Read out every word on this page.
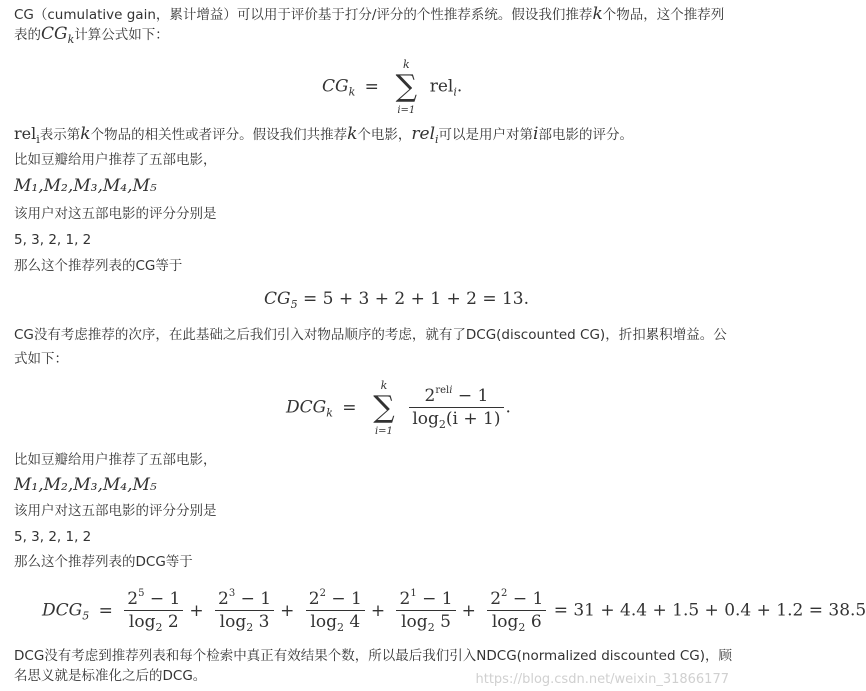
CG（cumulative gain，累计增益）可以用于评价基于打分/评分的个性推荐系统。假设我们推荐k个物品，这个推荐列
表的$CG_k$计算公式如下：
$CG_k$ =
k
∑
i=1
rel$_i$.
rel$_i$表示第k个物品的相关性或者评分。假设我们共推荐k个电影，rel$_i$可以是用户对第i部电影的评分。
比如豆瓣给用户推荐了五部电影，
M₁,M₂,M₃,M₄,M₅
该用户对这五部电影的评分分别是
5, 3, 2, 1, 2
那么这个推荐列表的CG等于
$CG_5 = 5 + 3 + 2 + 1 + 2 = 13$.
CG没有考虑推荐的次序，在此基础之后我们引入对物品顺序的考虑，就有了DCG(discounted CG)，折扣累积增益。公
式如下：
$DCG_k$ =
k
∑
i=1
$\frac{2^{reli} - 1}{\log_2(i + 1)}$ .
比如豆瓣给用户推荐了五部电影，
M₁,M₂,M₃,M₄,M₅
该用户对这五部电影的评分分别是
5, 3, 2, 1, 2
那么这个推荐列表的DCG等于
$DCG_5 = \frac{2^5 - 1}{\log_2 2} + \frac{2^3 - 1}{\log_2 3} + \frac{2^2 - 1}{\log_2 4} + \frac{2^1 - 1}{\log_2 5} + \frac{2^2 - 1}{\log_2 6} = 31 + 4.4 + 1.5 + 0.4 + 1.2 = 38.5$
DCG没有考虑到推荐列表和每个检索中真正有效结果个数，所以最后我们引入NDCG(normalized discounted CG)，顾
名思义就是标准化之后的DCG。	https://blog.csdn.net/weixin_31866177
